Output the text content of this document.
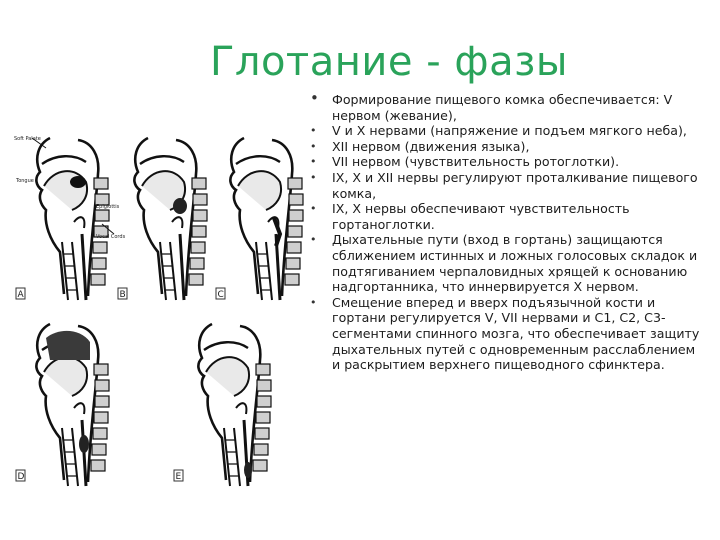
Глотание - фазы
Soft Palate
Tongue
Epiglottis
Vocal Cords
A	B	C
D	E
• Формирование пищевого комка обеспечивается: V нервом (жевание),
• V и X нервами (напряжение и подъем мягкого неба),
• XII нервом (движения языка),
• VII нервом (чувствительность ротоглотки).
• IX, X и XII нервы регулируют проталкивание пищевого комка,
• IX, X нервы обеспечивают чувствительность гортаноглотки.
• Дыхательные пути (вход в гортань) защищаются сближением истинных и ложных голосовых складок и подтягиванием черпаловидных хрящей к основанию надгортанника, что иннервируется X нервом.
• Смещение вперед и вверх подъязычной кости и гортани регулируется V, VII нервами и C1, C2, C3-сегментами спинного мозга, что обеспечивает защиту дыхательных путей с одновременным расслаблением и раскрытием верхнего пищеводного сфинктера.
